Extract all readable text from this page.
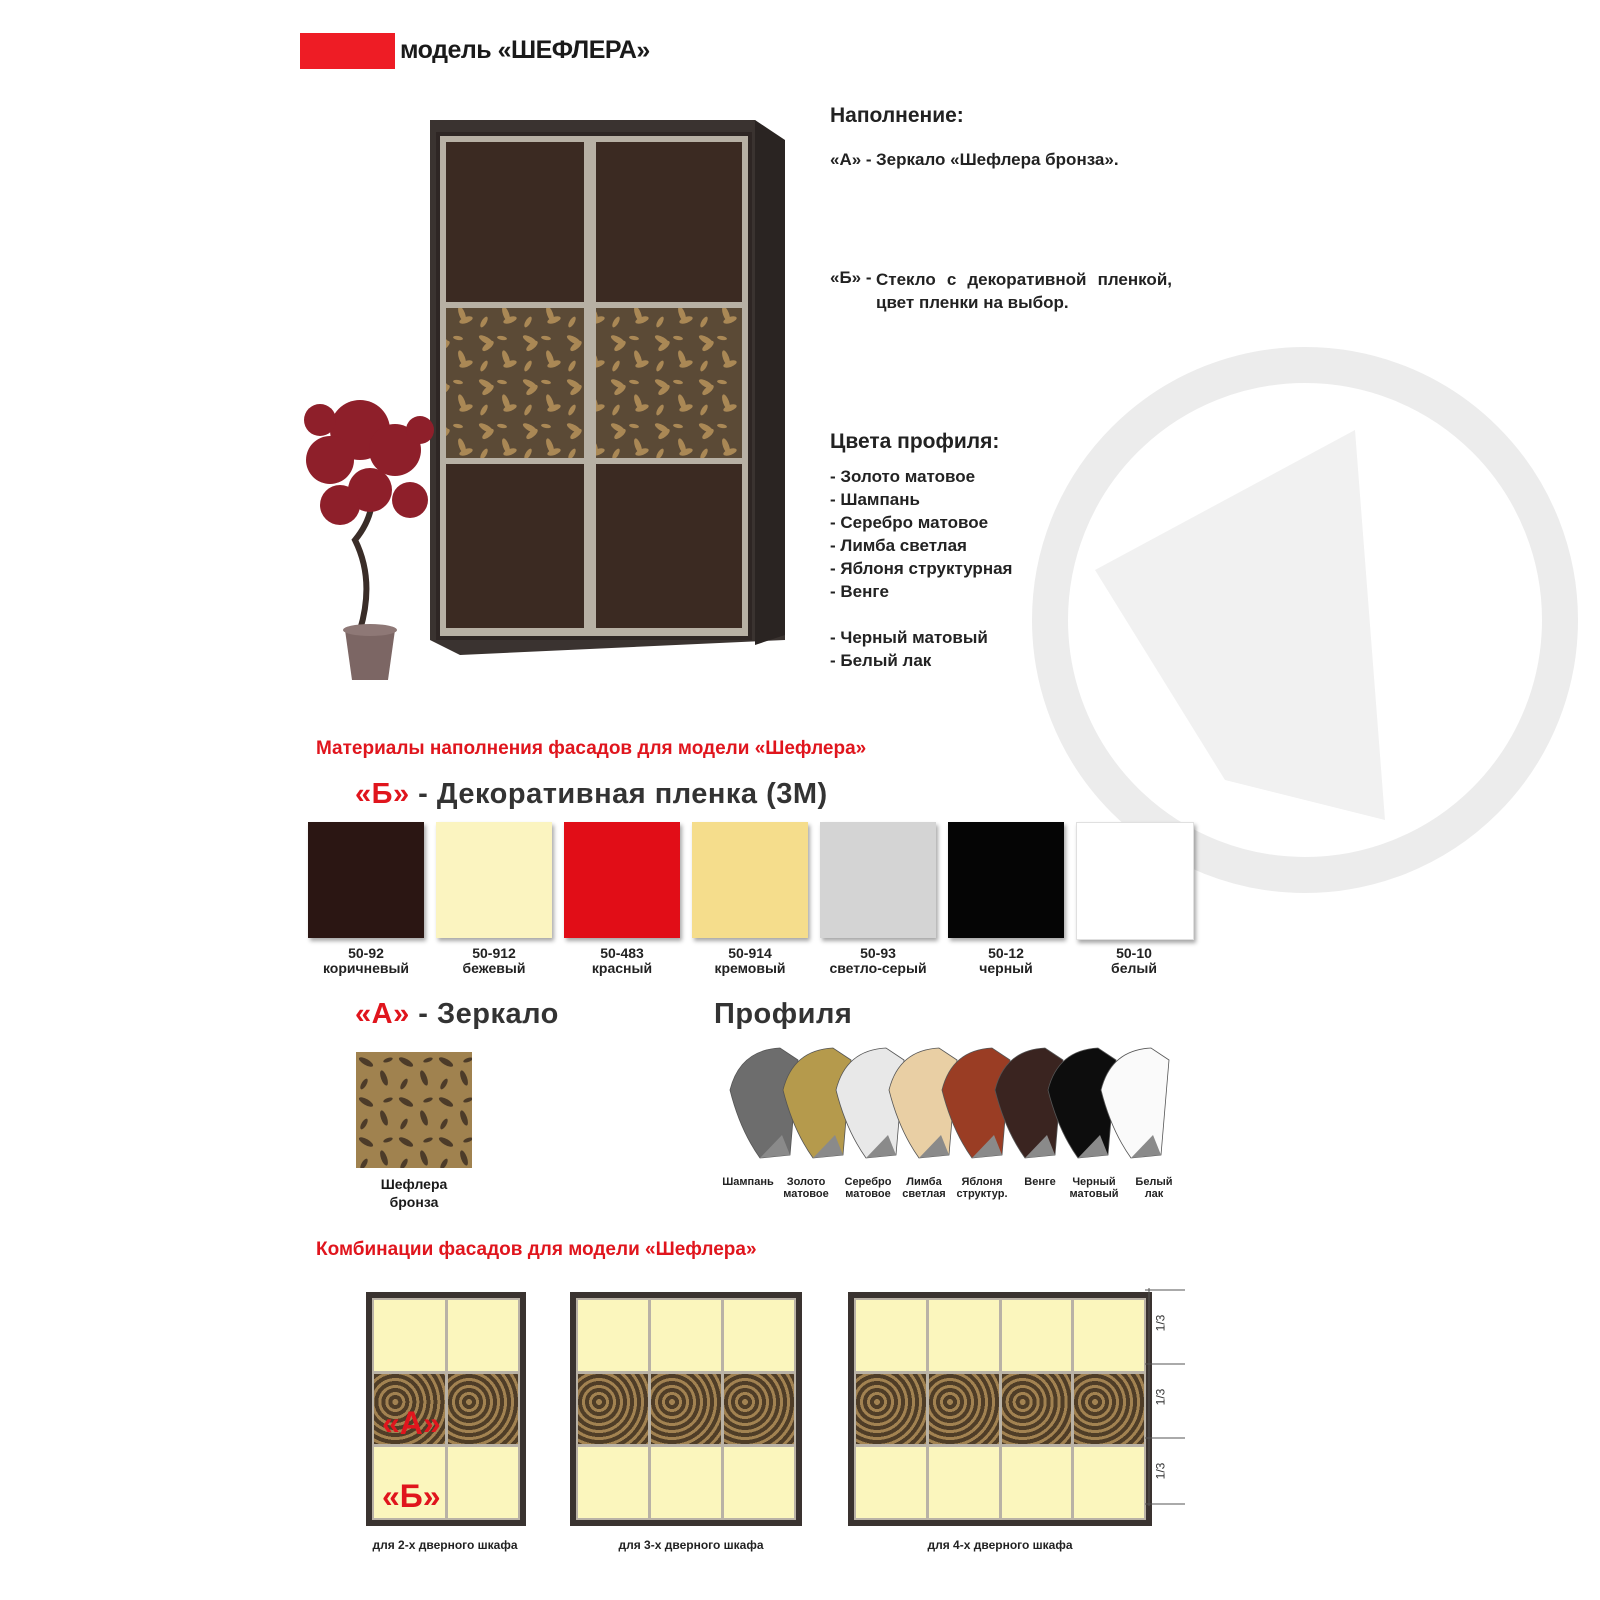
модель «ШЕФЛЕРА»
Наполнение:
«А» - Зеркало «Шефлера бронза».
«Б» - Стекло с декоративной пленкой, цвет пленки на выбор.
Цвета профиля:
- Золото матовое
- Шампань
- Серебро матовое
- Лимба светлая
- Яблоня структурная
- Венге
- Черный матовый
- Белый лак
Материалы наполнения фасадов для модели «Шефлера»
«Б» - Декоративная пленка (3М)
50-92
коричневый
50-912
бежевый
50-483
красный
50-914
кремовый
50-93
светло-серый
50-12
черный
50-10
белый
«А» - Зеркало
Шефлера
бронза
Профиля
Шампань	Золото
матовое
Серебро
матовое
Лимба
светлая
Яблоня
структур.
Венге	Черный
матовый
Белый
лак
Комбинации фасадов для модели «Шефлера»
«А»
«Б»
для 2-х дверного шкафа	для 3-х дверного шкафа	для 4-х дверного шкафа
1/3
1/3
1/3
